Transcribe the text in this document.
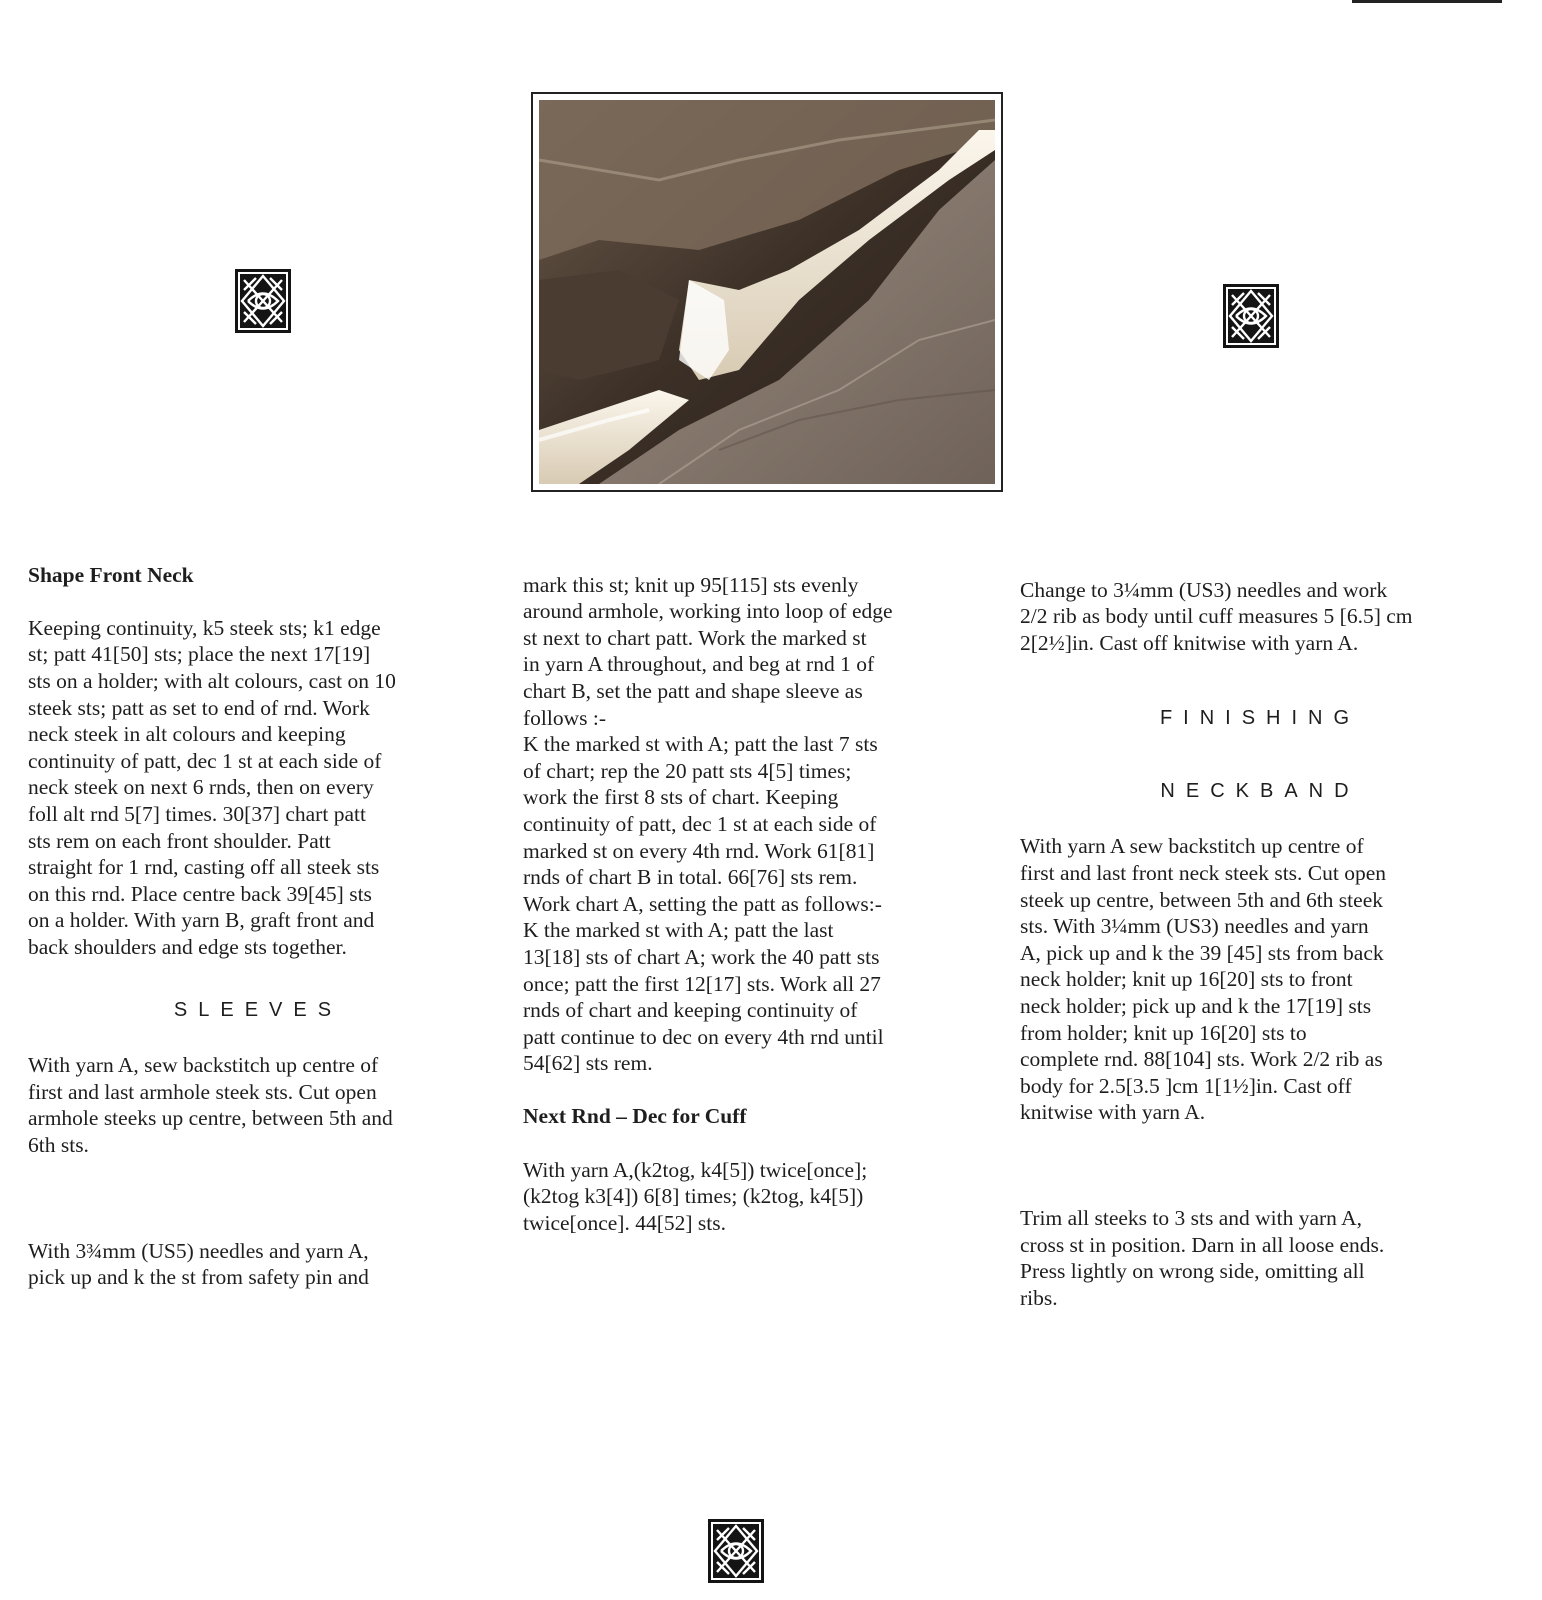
Shape Front Neck

Keeping continuity, k5 steek sts; k1 edge
st; patt 41[50] sts; place the next 17[19]
sts on a holder; with alt colours, cast on 10
steek sts; patt as set to end of rnd. Work
neck steek in alt colours and keeping
continuity of patt, dec 1 st at each side of
neck steek on next 6 rnds, then on every
foll alt rnd 5[7] times. 30[37] chart patt
sts rem on each front shoulder. Patt
straight for 1 rnd, casting off all steek sts
on this rnd. Place centre back 39[45] sts
on a holder. With yarn B, graft front and
back shoulders and edge sts together.

SLEEVES

With yarn A, sew backstitch up centre of
first and last armhole steek sts. Cut open
armhole steeks up centre, between 5th and
6th sts.

With 3¾mm (US5) needles and yarn A,
pick up and k the st from safety pin and

mark this st; knit up 95[115] sts evenly
around armhole, working into loop of edge
st next to chart patt. Work the marked st
in yarn A throughout, and beg at rnd 1 of
chart B, set the patt and shape sleeve as
follows :-
K the marked st with A; patt the last 7 sts
of chart; rep the 20 patt sts 4[5] times;
work the first 8 sts of chart. Keeping
continuity of patt, dec 1 st at each side of
marked st on every 4th rnd. Work 61[81]
rnds of chart B in total. 66[76] sts rem.
Work chart A, setting the patt as follows:-
K the marked st with A; patt the last
13[18] sts of chart A; work the 40 patt sts
once; patt the first 12[17] sts. Work all 27
rnds of chart and keeping continuity of
patt continue to dec on every 4th rnd until
54[62] sts rem.

Next Rnd – Dec for Cuff

With yarn A,(k2tog, k4[5]) twice[once];
(k2tog k3[4]) 6[8] times; (k2tog, k4[5])
twice[once]. 44[52] sts.

Change to 3¼mm (US3) needles and work
2/2 rib as body until cuff measures 5 [6.5] cm
2[2½]in. Cast off knitwise with yarn A.

FINISHING

NECKBAND

With yarn A sew backstitch up centre of
first and last front neck steek sts. Cut open
steek up centre, between 5th and 6th steek
sts. With 3¼mm (US3) needles and yarn
A, pick up and k the 39 [45] sts from back
neck holder; knit up 16[20] sts to front
neck holder; pick up and k the 17[19] sts
from holder; knit up 16[20] sts to
complete rnd. 88[104] sts. Work 2/2 rib as
body for 2.5[3.5 ]cm 1[1½]in. Cast off
knitwise with yarn A.

Trim all steeks to 3 sts and with yarn A,
cross st in position. Darn in all loose ends.
Press lightly on wrong side, omitting all
ribs.
